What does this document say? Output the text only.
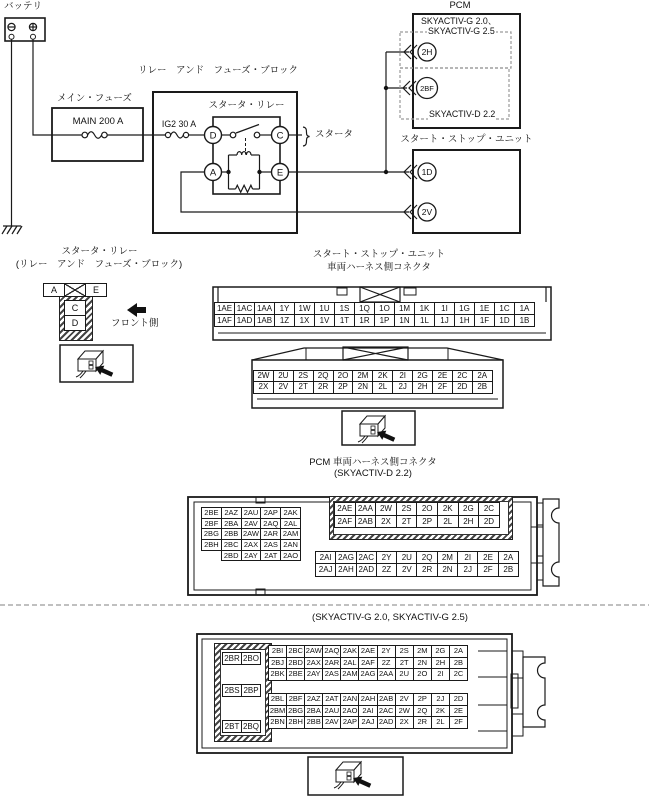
D	C
A	E
2H
2BF
1D
2V
バッテリ	PCM
SKYACTIV-G 2.0、
SKYACTIV-G 2.5
SKYACTIV-D 2.2
メイン・フューズ
MAIN 200 A
リレー　アンド　フューズ・ブロック
スタータ・リレー
IG2 30 A
スタータ	スタート・ストップ・ユニット
スタータ・リレー
(リレー　アンド　フューズ・ブロック)
フロント側
A	E
C
D
スタート・ストップ・ユニット
車両ハーネス側コネクタ
1AE 1AC 1AA 1Y	1W	1U	1S	1Q	1O	1M	1K	1I	1G	1E	1C	1A
1AF 1AD 1AB 1Z	1X	1V	1T	1R	1P	1N	1L	1J	1H	1F	1D	1B
2W	2U	2S	2Q	2O	2M	2K	2I	2G	2E	2C	2A
2X	2V	2T	2R	2P	2N	2L	2J	2H	2F	2D	2B
PCM 車両ハーネス側コネクタ
(SKYACTIV-D 2.2)
2BE 2AZ 2AU 2AP 2AK
2BF 2BA 2AV 2AQ 2AL
2BG 2BB 2AW 2AR 2AM
2BH 2BC 2AX 2AS 2AN
2BD 2AY 2AT 2AO
2AE 2AA 2W	2S	2O	2K	2G	2C
2AF 2AB	2X	2T	2P	2L	2H	2D
2AI 2AG 2AC 2Y	2U	2Q	2M	2I	2E	2A
2AJ 2AH 2AD 2Z	2V	2R	2N	2J	2F	2B
(SKYACTIV-G 2.0, SKYACTIV-G 2.5)
2BR 2BO
2BS 2BP
2BT 2BQ
2BI 2BC 2AW 2AQ 2AK 2AE 2Y	2S	2M	2G	2A
2BJ 2BD 2AX 2AR 2AL 2AF 2Z	2T	2N	2H	2B
2BK 2BE 2AY 2AS 2AM 2AG 2AA 2U	2O	2I	2C
2BL 2BF 2AZ 2AT 2AN 2AH 2AB 2V	2P	2J	2D
2BM 2BG 2BA 2AU 2AO 2AI 2AC 2W 2Q	2K	2E
2BN 2BH 2BB 2AV 2AP 2AJ 2AD 2X	2R	2L	2F
